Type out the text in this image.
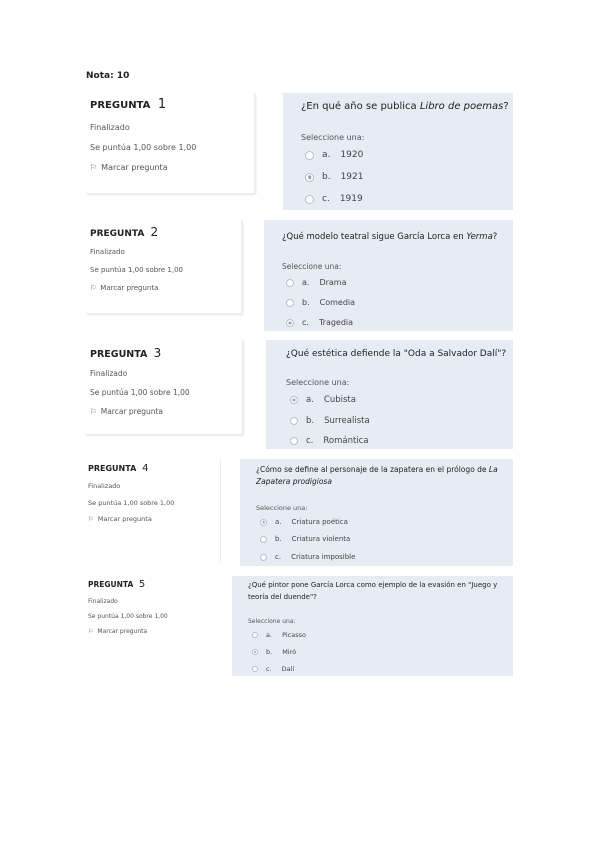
Nota: 10
PREGUNTA 1
Finalizado
Se puntúa 1,00 sobre 1,00
⚐ Marcar pregunta
¿En qué año se publica Libro de poemas?
Seleccione una:
a. 1920
b. 1921
c. 1919
PREGUNTA 2
Finalizado
Se puntúa 1,00 sobre 1,00
⚐ Marcar pregunta
¿Qué modelo teatral sigue García Lorca en Yerma?
Seleccione una:
a. Drama
b. Comedia
c. Tragedia
PREGUNTA 3
Finalizado
Se puntúa 1,00 sobre 1,00
⚐ Marcar pregunta
¿Qué estética defiende la "Oda a Salvador Dalí"?
Seleccione una:
a. Cubista
b. Surrealista
c. Romántica
PREGUNTA 4
Finalizado
Se puntúa 1,00 sobre 1,00
⚐ Marcar pregunta
¿Cómo se define al personaje de la zapatera en el prólogo de La Zapatera prodigiosa
Seleccione una:
a. Criatura poética
b. Criatura violenta
c. Criatura imposible
PREGUNTA 5
Finalizado
Se puntúa 1,00 sobre 1,00
⚐ Marcar pregunta
¿Qué pintor pone García Lorca como ejemplo de la evasión en "Juego y teoría del duende"?
Seleccione una:
a. Picasso
b. Miró
c. Dalí
